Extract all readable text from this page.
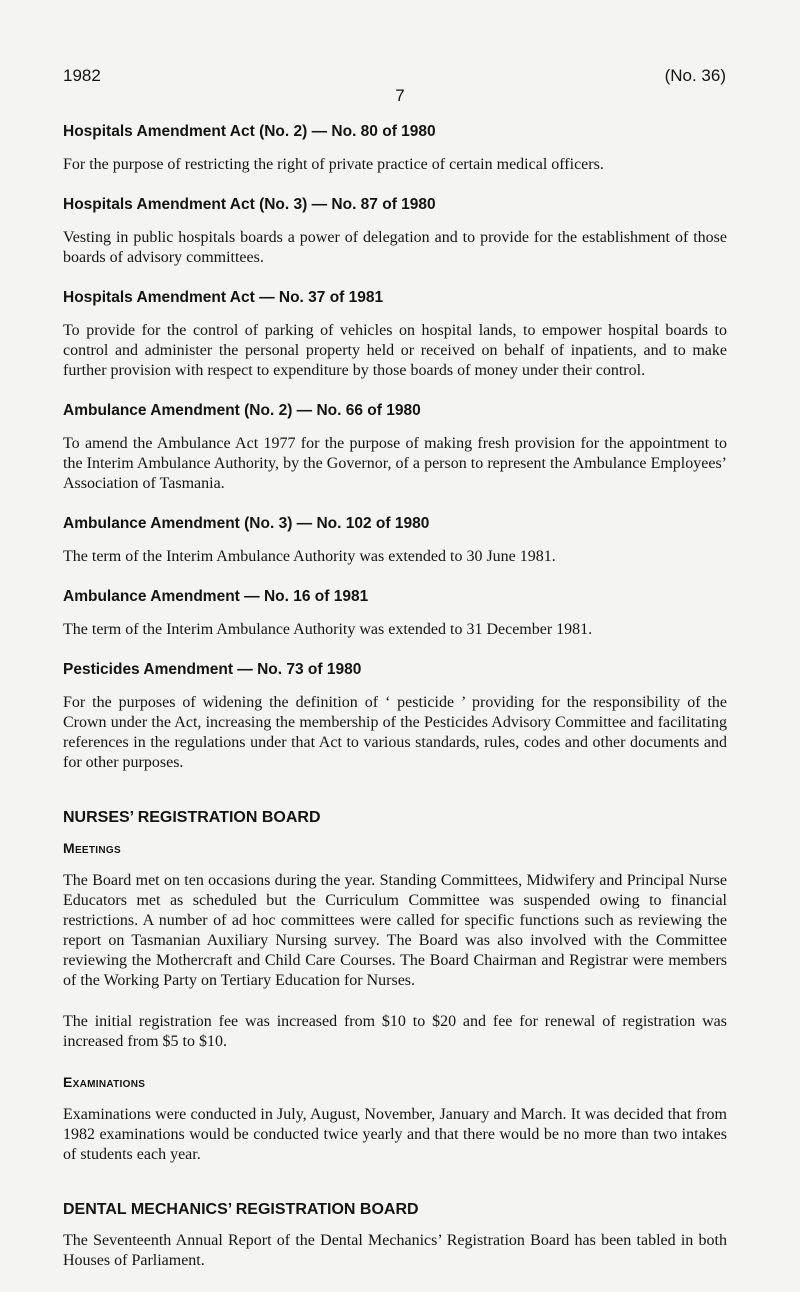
1982	(No. 36)
7
Hospitals Amendment Act (No. 2) — No. 80 of 1980

For the purpose of restricting the right of private practice of certain medical officers.

Hospitals Amendment Act (No. 3) — No. 87 of 1980

Vesting in public hospitals boards a power of delegation and to provide for the establishment of those boards of advisory committees.

Hospitals Amendment Act — No. 37 of 1981

To provide for the control of parking of vehicles on hospital lands, to empower hospital boards to control and administer the personal property held or received on behalf of inpatients, and to make further provision with respect to expenditure by those boards of money under their control.

Ambulance Amendment (No. 2) — No. 66 of 1980

To amend the Ambulance Act 1977 for the purpose of making fresh provision for the appointment to the Interim Ambulance Authority, by the Governor, of a person to represent the Ambulance Employees’ Association of Tasmania.

Ambulance Amendment (No. 3) — No. 102 of 1980

The term of the Interim Ambulance Authority was extended to 30 June 1981.

Ambulance Amendment — No. 16 of 1981

The term of the Interim Ambulance Authority was extended to 31 December 1981.

Pesticides Amendment — No. 73 of 1980

For the purposes of widening the definition of ‘ pesticide ’ providing for the responsibility of the Crown under the Act, increasing the membership of the Pesticides Advisory Committee and facilitating references in the regulations under that Act to various standards, rules, codes and other documents and for other purposes.

NURSES’ REGISTRATION BOARD
Meetings

The Board met on ten occasions during the year. Standing Committees, Midwifery and Principal Nurse Educators met as scheduled but the Curriculum Committee was suspended owing to financial restrictions. A number of ad hoc committees were called for specific functions such as reviewing the report on Tasmanian Auxiliary Nursing survey. The Board was also involved with the Committee reviewing the Mothercraft and Child Care Courses. The Board Chairman and Registrar were members of the Working Party on Tertiary Education for Nurses.

The initial registration fee was increased from $10 to $20 and fee for renewal of registration was increased from $5 to $10.

Examinations

Examinations were conducted in July, August, November, January and March. It was decided that from 1982 examinations would be conducted twice yearly and that there would be no more than two intakes of students each year.

DENTAL MECHANICS’ REGISTRATION BOARD

The Seventeenth Annual Report of the Dental Mechanics’ Registration Board has been tabled in both Houses of Parliament.
